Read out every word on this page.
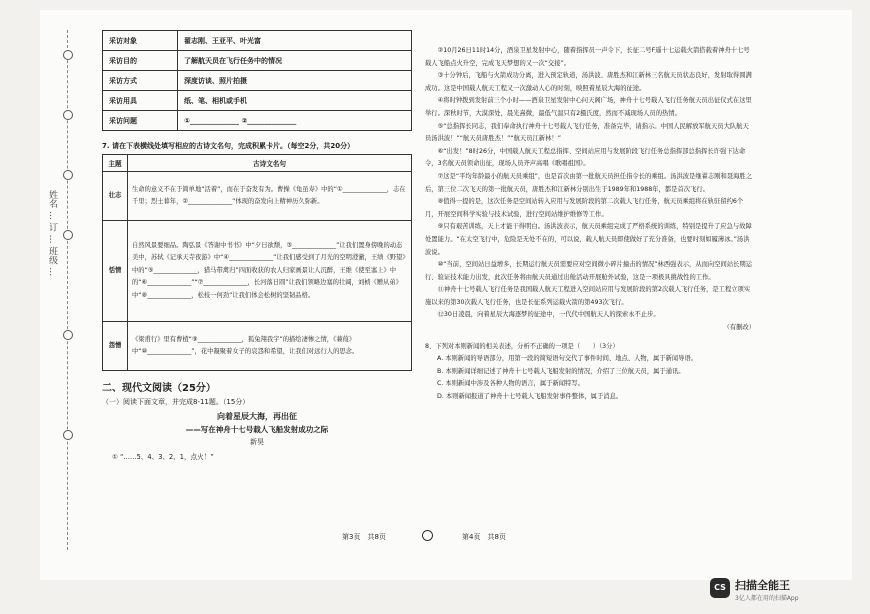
姓名 … 订 … 班级 …
采访对象	翟志刚、王亚平、叶光富
采访目的	了解航天员在飞行任务中的情况
采访方式	深度访谈、照片拍摄
采访用具	纸、笔、相机或手机
采访问题	①______________ ②______________
7. 请在下表横线处填写相应的古诗文名句，完成积累卡片。（每空2分，共20分）
主题	古诗文名句
壮志	生命的意义不在于简单地“活着”，而在于奋发有为。曹操《龟虽寿》中的“①______________，志在千里；烈士暮年，②______________”体现的奋发向上精神历久弥新。
恬情	自然风景要细品。陶弘景《答谢中书书》中“夕日欲颓，③______________”让我们置身傍晚的动态美中，苏轼《记承天寺夜游》中“④______________”让我们感受到了月光的空明澄澈，王绩《野望》中的“⑤______________，猎马带禽归”四面收获的农人归家画景让人沉醉，王维《使至塞上》中的“⑥______________”“⑦______________，长河落日圆”让我们领略边塞的壮阔，刘桢《赠从弟》中“⑧______________，松枝一何劲”让我们体会松树的坚韧品格。
怨憎	《梁甫行》里有曹植“⑨______________，狐兔翔我宇”的描绘凄惨之情，《蒹葭》中“⑩______________”，花中凝聚着女子的哀怨和希望，让我们对远行人的思念。
二、现代文阅读（25分）
（一）阅读下面文章，并完成8-11题。（15分）
向着星辰大海，再出征
——写在神舟十七号载人飞船发射成功之际
新昊
① “……5、4、3、2、1，点火！”

②10月26日11时14分，酒泉卫星发射中心，随着指挥员一声令下，长征二号F遥十七运载火箭搭载着神舟十七号载人飞船点火升空，完成飞天梦想的又一次“交接”。

③十分钟后，飞船与火箭成功分离，进入预定轨道，汤洪波、唐胜杰和江新林三名航天员状态良好，发射取得圆满成功。这是中国载人航天工程又一次激动人心的时刻，映照着星辰大海的征途。

④将时钟拨到发射前三个小时——酒泉卫星发射中心问天阁广场，神舟十七号载人飞行任务航天员出征仪式在这里举行。深秋时节，大漠深处，晨光熹微，最低气温只有2摄氏度，然而不减现场人员的热情。

⑤“总指挥长同志，我们奉命执行神舟十七号载人飞行任务，准备完毕，请指示。中国人民解放军航天员大队航天员汤洪波！”“航天员唐胜杰！”“航天员江新林！”

⑥“出发！”8时26分，中国载人航天工程总指挥、空间站应用与发展阶段飞行任务总指挥部总指挥长许强下达命令，3名航天员领命出征，现场人员齐声高唱《歌唱祖国》。

⑦这是“平均年龄最小的航天员乘组”，也是首次由第一批航天员担任指令长的乘组。汤洪波是继翟志刚和聂海胜之后，第三位二次飞天的第一批航天员，唐胜杰和江新林分别出生于1989年和1988年，都是首次飞行。

⑧值得一提的是，这次任务是空间站转入应用与发展阶段的第二次载人飞行任务，航天员乘组将在轨驻留约6个月，开展空间科学实验与技术试验，进行空间站维护维修等工作。

⑨只有艰苦训练，天上才能干得明白。汤洪波表示，航天员乘组完成了严格系统的训练，特别是提升了应急与故障处置能力。“在太空飞行中，危险是无处不在的，可以说，载人航天员即使做好了充分准备，也要时刻如履薄冰。”汤洪波说。

⑩“当前，空间站日益增多，长期运行航天员需要应对空间微小碎片撞击的情况”林西强表示，从而向空间站长期运行、验证技术能力出发，此次任务将由航天员通过出舱活动开展舱外试验，这是一项极具挑战性的工作。

⑪神舟十七号载人飞行任务是我国载人航天工程进入空间站应用与发展阶段的第2次载人飞行任务，是工程立项实施以来的第30次载人飞行任务，也是长征系列运载火箭的第493次飞行。

⑫30日凌晨，向着星辰大海逐梦的征途中，一代代中国航天人的探索永不止步。

（有删改）

8、下列对本则新闻的相关表述，分析不正确的一项是（　　）（3分）

A. 本则新闻的导语部分，用第一段的简短语句交代了事件时间、地点、人物，属于新闻导语。

B. 本则新闻详细记述了神舟十七号载人飞船发射的情况，介绍了三位航天员，属于通讯。

C. 本则新闻中涉及各种人物的语言，属于新闻特写。

D. 本则新闻报道了神舟十七号载人飞船发射事件整体，属于消息。

第3页　共8页	第4页　共8页
CS 扫描全能王
3亿人都在用的扫描App
